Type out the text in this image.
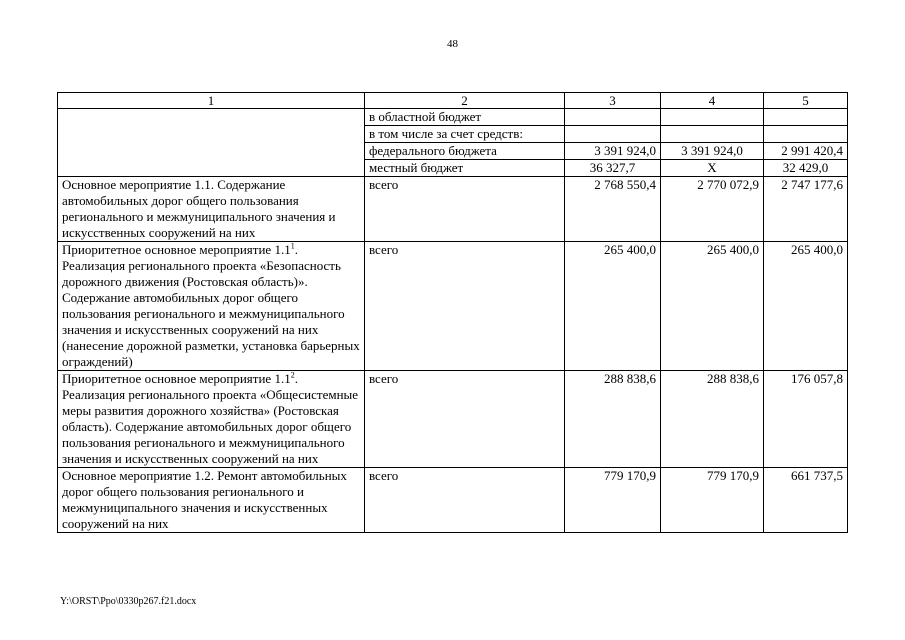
48
1	2	3	4	5
	в областной бюджет			
	в том числе за счет средств:			
	федерального бюджета	3 391 924,0	3 391 924,0	2 991 420,4
	местный бюджет	36 327,7	Х	32 429,0
Основное мероприятие 1.1. Содержание автомобильных дорог общего пользования регионального и межмуниципального значения и искусственных сооружений на них	всего	2 768 550,4	2 770 072,9	2 747 177,6
Приоритетное основное мероприятие $1.1^1$. Реализация регионального проекта «Безопасность дорожного движения (Ростовская область)». Содержание автомобильных дорог общего пользования регионального и межмуниципального значения и искусственных сооружений на них (нанесение дорожной разметки, установка барьерных ограждений)	всего	265 400,0	265 400,0	265 400,0
Приоритетное основное мероприятие $1.1^2$. Реализация регионального проекта «Общесистемные меры развития дорожного хозяйства» (Ростовская область). Содержание автомобильных дорог общего пользования регионального и межмуниципального значения и искусственных сооружений на них	всего	288 838,6	288 838,6	176 057,8
Основное мероприятие 1.2. Ремонт автомобильных дорог общего пользования регионального и межмуниципального значения и искусственных сооружений на них	всего	779 170,9	779 170,9	661 737,5
Y:\ORST\Ppo\0330p267.f21.docx
